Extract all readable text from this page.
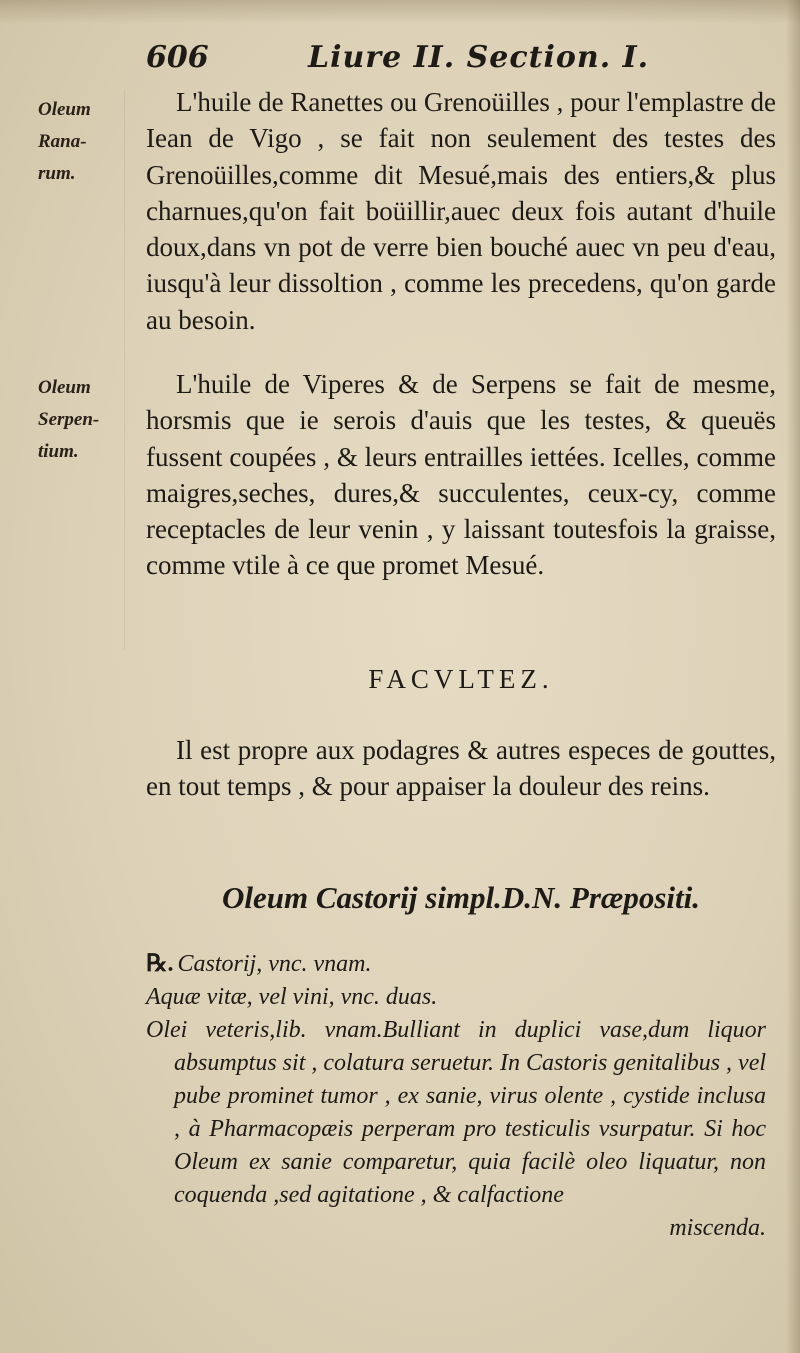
606	Liure II. Section. I.
Oleum
Rana-
rum.
Oleum
Serpen-
tium.

L'huile de Ranettes ou Grenoüilles , pour l'emplastre de Iean de Vigo , se fait non seulement des testes des Grenoüilles,comme dit Mesué,mais des entiers,& plus charnues,qu'on fait boüillir,auec deux fois autant d'huile doux,dans vn pot de verre bien bouché auec vn peu d'eau, iusqu'à leur dissoltion , comme les precedens, qu'on garde au besoin.

L'huile de Viperes & de Serpens se fait de mesme, horsmis que ie serois d'auis que les testes, & queuës fussent coupées , & leurs entrailles iettées. Icelles, comme maigres,seches, dures,& succulentes, ceux-cy, comme receptacles de leur venin , y laissant toutesfois la graisse, comme vtile à ce que promet Mesué.

FACVLTEZ.

Il est propre aux podagres & autres especes de gouttes, en tout temps , & pour appaiser la douleur des reins.

Oleum Castorij simpl.D.N. Præpositi.

℞. Castorij, vnc. vnam.

Aquæ vitæ, vel vini, vnc. duas.

Olei veteris,lib. vnam.Bulliant in duplici vase,dum liquor absumptus sit , colatura seruetur. In Castoris genitalibus , vel pube prominet tumor , ex sanie, virus olente , cystide inclusa , à Pharmacopæis perperam pro testiculis vsurpatur. Si hoc Oleum ex sanie comparetur, quia facilè oleo liquatur, non coquenda ,sed agitatione , & calfactione

miscenda.
